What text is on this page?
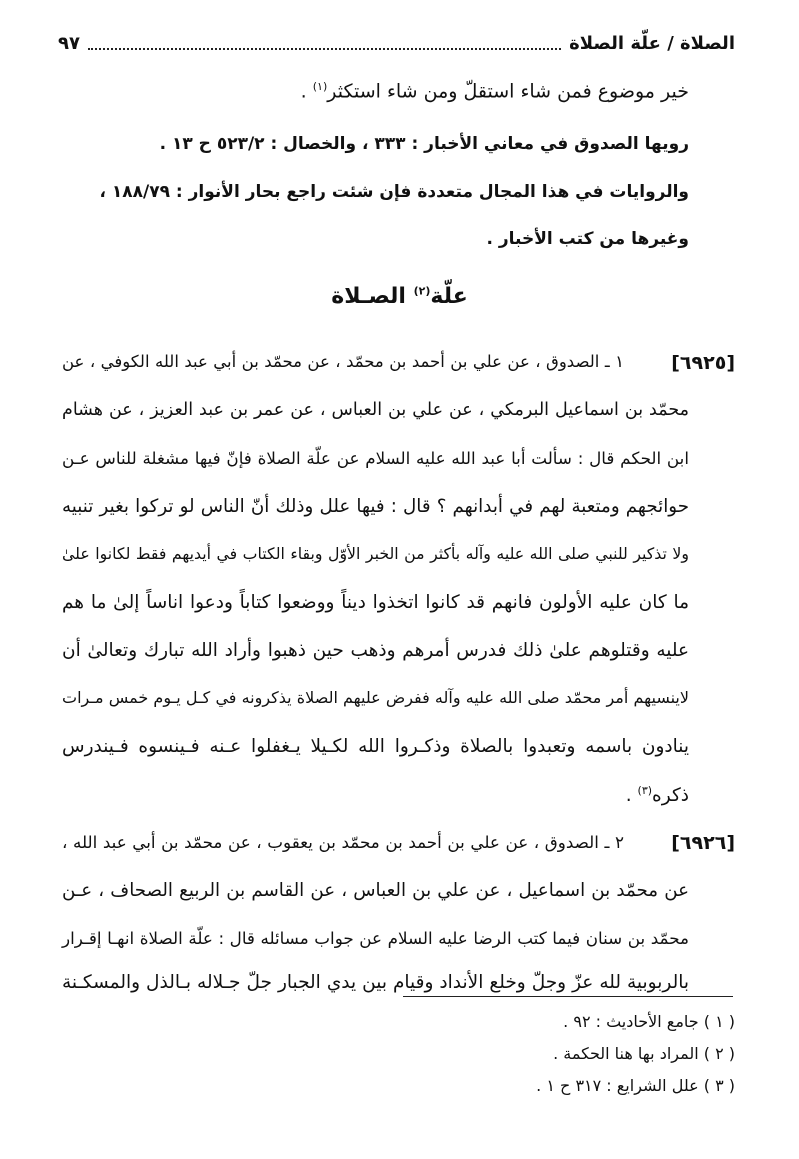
الصلاة / علّة الصلاة
٩٧
خير موضوع فمن شاء استقلّ ومن شاء استكثر$^{(١)}$ .
رويها الصدوق في معاني الأخبار : ٣٣٣ ، والخصال : ٥٢٣/٢ ح ١٣ .
والروايات في هذا المجال متعددة فإن شئت راجع بحار الأنوار : ١٨٨/٧٩ ،
وغيرها من كتب الأخبار .
علّة$^{(٢)}$ الصـلاة
[٦٩٢٥]
١ ـ الصدوق ، عن علي بن أحمد بن محمّد ، عن محمّد بن أبي عبد الله الكوفي ، عن
محمّد بن اسماعيل البرمكي ، عن علي بن العباس ، عن عمر بن عبد العزيز ، عن هشام
ابن الحكم قال : سألت أبا عبد الله عليه السلام عن علّة الصلاة فإنّ فيها مشغلة للناس عـن
حوائجهم ومتعبة لهم في أبدانهم ؟ قال : فيها علل وذلك أنّ الناس لو تركوا بغير تنبيه
ولا تذكير للنبي صلى الله عليه وآله بأكثر من الخبر الأوّل وبقاء الكتاب في أيديهم فقط لكانوا علىٰ
ما كان عليه الأولون فانهم قد كانوا اتخذوا ديناً ووضعوا كتاباً ودعوا اناساً إلىٰ ما هم
عليه وقتلوهم علىٰ ذلك فدرس أمرهم وذهب حين ذهبوا وأراد الله تبارك وتعالىٰ أن
لاينسيهم أمر محمّد صلى الله عليه وآله ففرض عليهم الصلاة يذكرونه في كـل يـوم خمس مـرات
ينادون باسمه وتعبدوا بالصلاة وذكـروا الله لكـيلا يـغفلوا عـنه فـينسوه فـيندرس
ذكره$^{(٣)}$ .
[٦٩٢٦]
٢ ـ الصدوق ، عن علي بن أحمد بن محمّد بن يعقوب ، عن محمّد بن أبي عبد الله ،
عن محمّد بن اسماعيل ، عن علي بن العباس ، عن القاسم بن الربيع الصحاف ، عـن
محمّد بن سنان فيما كتب الرضا عليه السلام عن جواب مسائله قال : علّة الصلاة انهـا إقـرار
بالربوبية لله عزّ وجلّ وخلع الأنداد وقيام بين يدي الجبار جلّ جـلاله بـالذل والمسكـنة
( ١ ) جامع الأحاديث : ٩٢ .
( ٢ ) المراد بها هنا الحكمة .
( ٣ ) علل الشرايع : ٣١٧ ح ١ .
